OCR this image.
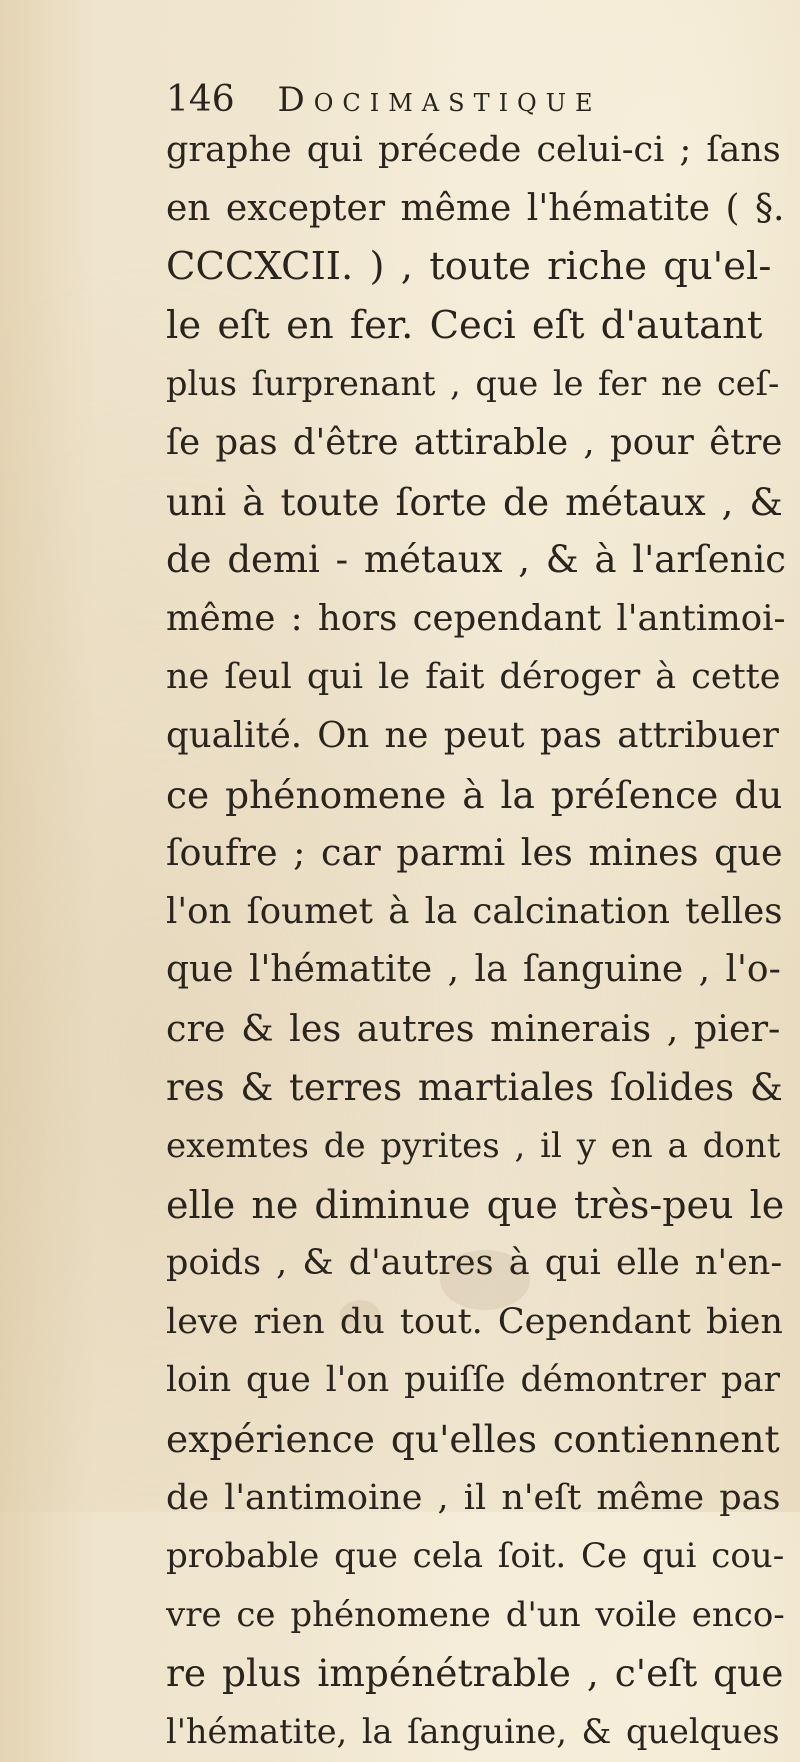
146 Docimastique
graphe qui précede celui-ci ; ſans
en excepter même l'hématite ( §.
CCCXCII. ) , toute riche qu'el-
le eſt en fer. Ceci eſt d'autant
plus ſurprenant , que le fer ne ceſ-
ſe pas d'être attirable , pour être
uni à toute ſorte de métaux , &
de demi - métaux , & à l'arſenic
même : hors cependant l'antimoi-
ne ſeul qui le fait déroger à cette
qualité. On ne peut pas attribuer
ce phénomene à la préſence du
ſoufre ; car parmi les mines que
l'on ſoumet à la calcination telles
que l'hématite , la ſanguine , l'o-
cre & les autres minerais , pier-
res & terres martiales ſolides &
exemtes de pyrites , il y en a dont
elle ne diminue que très-peu le
poids , & d'autres à qui elle n'en-
leve rien du tout. Cependant bien
loin que l'on puiſſe démontrer par
expérience qu'elles contiennent
de l'antimoine , il n'eſt même pas
probable que cela ſoit. Ce qui cou-
vre ce phénomene d'un voile enco-
re plus impénétrable , c'eſt que
l'hématite, la ſanguine, & quelques
